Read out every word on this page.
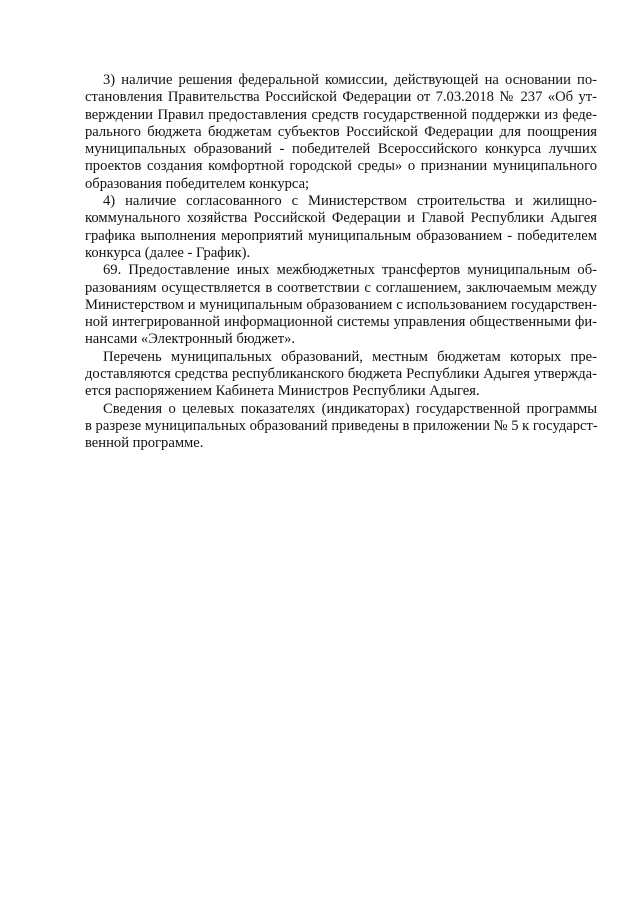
3) наличие решения федеральной комиссии, действующей на основании по-
становления Правительства Российской Федерации от 7.03.2018 № 237 «Об ут-
верждении Правил предоставления средств государственной поддержки из феде-
рального бюджета бюджетам субъектов Российской Федерации для поощрения
муниципальных образований - победителей Всероссийского конкурса лучших
проектов создания комфортной городской среды» о признании муниципального
образования победителем конкурса;
4) наличие согласованного с Министерством строительства и жилищно-
коммунального хозяйства Российской Федерации и Главой Республики Адыгея
графика выполнения мероприятий муниципальным образованием - победителем
конкурса (далее - График).
69. Предоставление иных межбюджетных трансфертов муниципальным об-
разованиям осуществляется в соответствии с соглашением, заключаемым между
Министерством и муниципальным образованием с использованием государствен-
ной интегрированной информационной системы управления общественными фи-
нансами «Электронный бюджет».
Перечень муниципальных образований, местным бюджетам которых пре-
доставляются средства республиканского бюджета Республики Адыгея утвержда-
ется распоряжением Кабинета Министров Республики Адыгея.
Сведения о целевых показателях (индикаторах) государственной программы
в разрезе муниципальных образований приведены в приложении № 5 к государст-
венной программе.
